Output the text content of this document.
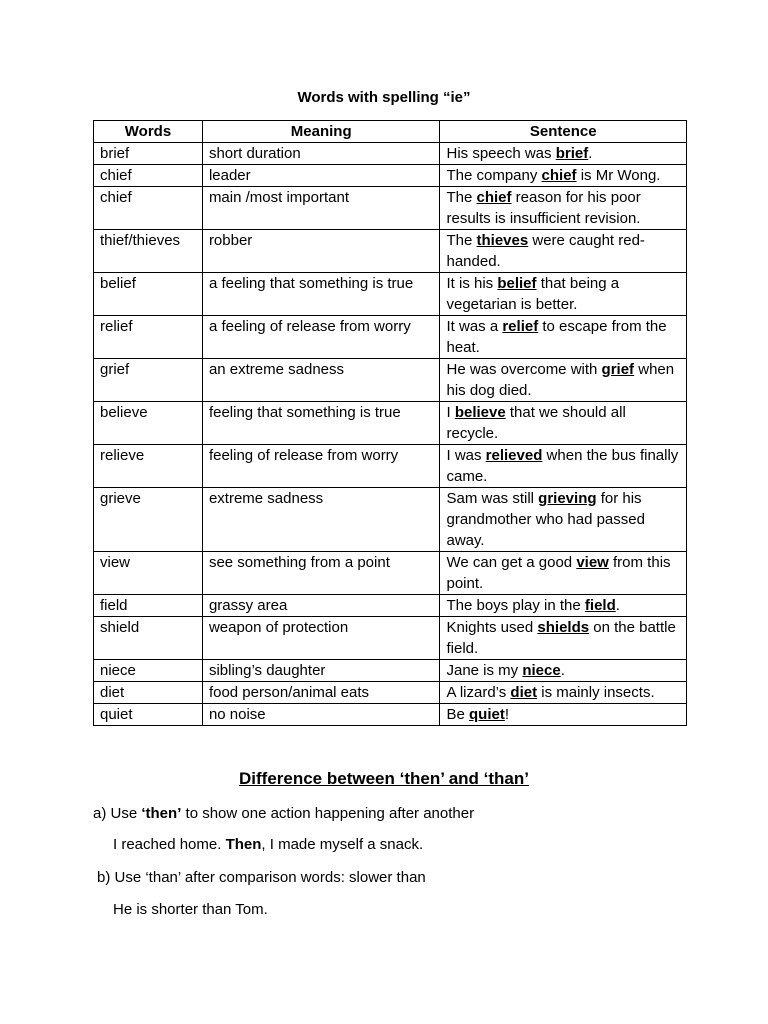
Words with spelling “ie”
Words	Meaning	Sentence
brief	short duration	His speech was brief.
chief	leader	The company chief is Mr Wong.
chief	main /most important	The chief reason for his poor results is insufficient revision.
thief/thieves	robber	The thieves were caught red-handed.
belief	a feeling that something is true	It is his belief that being a vegetarian is better.
relief	a feeling of release from worry	It was a relief to escape from the heat.
grief	an extreme sadness	He was overcome with grief when his dog died.
believe	feeling that something is true	I believe that we should all recycle.
relieve	feeling of release from worry	I was relieved when the bus finally came.
grieve	extreme sadness	Sam was still grieving for his grandmother who had passed away.
view	see something from a point	We can get a good view from this point.
field	grassy area	The boys play in the field.
shield	weapon of protection	Knights used shields on the battle field.
niece	sibling’s daughter	Jane is my niece.
diet	food person/animal eats	A lizard’s diet is mainly insects.
quiet	no noise	Be quiet!
Difference between ‘then’ and ‘than’
a) Use ‘then’ to show one action happening after another
I reached home. Then, I made myself a snack.
b) Use ‘than’ after comparison words: slower than
He is shorter than Tom.
